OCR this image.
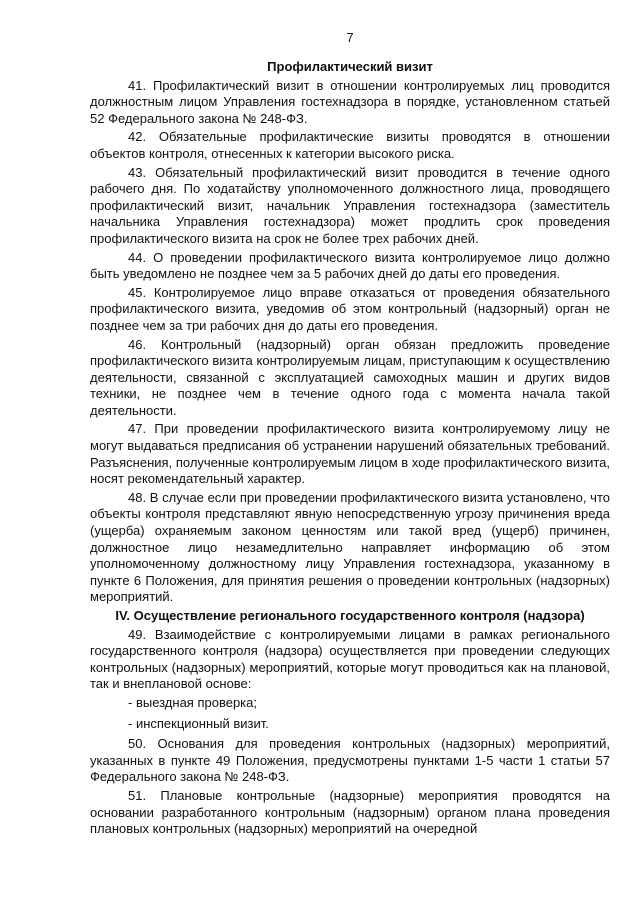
7
Профилактический визит

41. Профилактический визит в отношении контролируемых лиц проводится должностным лицом Управления гостехнадзора в порядке, установленном статьей 52 Федерального закона № 248-ФЗ.

42. Обязательные профилактические визиты проводятся в отношении объектов контроля, отнесенных к категории высокого риска.

43. Обязательный профилактический визит проводится в течение одного рабочего дня. По ходатайству уполномоченного должностного лица, проводящего профилактический визит, начальник Управления гостехнадзора (заместитель начальника Управления гостехнадзора) может продлить срок проведения профилактического визита на срок не более трех рабочих дней.

44. О проведении профилактического визита контролируемое лицо должно быть уведомлено не позднее чем за 5 рабочих дней до даты его проведения.

45. Контролируемое лицо вправе отказаться от проведения обязательного профилактического визита, уведомив об этом контрольный (надзорный) орган не позднее чем за три рабочих дня до даты его проведения.

46. Контрольный (надзорный) орган обязан предложить проведение профилактического визита контролируемым лицам, приступающим к осуществлению деятельности, связанной с эксплуатацией самоходных машин и других видов техники, не позднее чем в течение одного года с момента начала такой деятельности.

47. При проведении профилактического визита контролируемому лицу не могут выдаваться предписания об устранении нарушений обязательных требований. Разъяснения, полученные контролируемым лицом в ходе профилактического визита, носят рекомендательный характер.

48. В случае если при проведении профилактического визита установлено, что объекты контроля представляют явную непосредственную угрозу причинения вреда (ущерба) охраняемым законом ценностям или такой вред (ущерб) причинен, должностное лицо незамедлительно направляет информацию об этом уполномоченному должностному лицу Управления гостехнадзора, указанному в пункте 6 Положения, для принятия решения о проведении контрольных (надзорных) мероприятий.

IV. Осуществление регионального государственного контроля (надзора)

49. Взаимодействие с контролируемыми лицами в рамках регионального государственного контроля (надзора) осуществляется при проведении следующих контрольных (надзорных) мероприятий, которые могут проводиться как на плановой, так и внеплановой основе:

- выездная проверка;
- инспекционный визит.

50. Основания для проведения контрольных (надзорных) мероприятий, указанных в пункте 49 Положения, предусмотрены пунктами 1-5 части 1 статьи 57 Федерального закона № 248-ФЗ.

51. Плановые контрольные (надзорные) мероприятия проводятся на основании разработанного контрольным (надзорным) органом плана проведения плановых контрольных (надзорных) мероприятий на очередной
